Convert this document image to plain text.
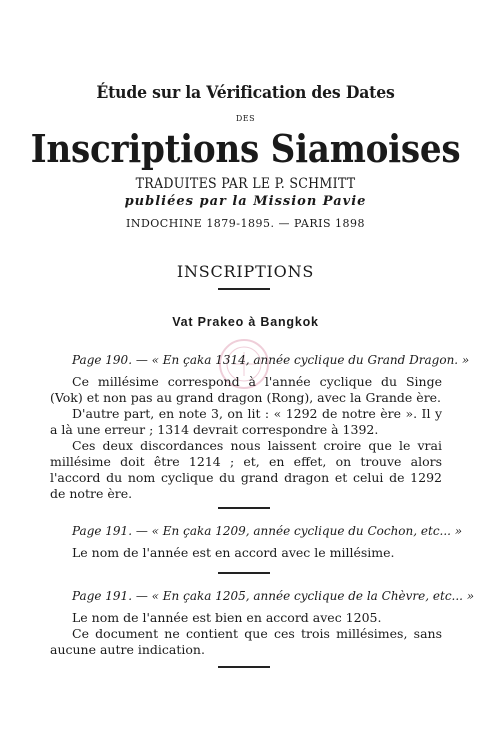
Étude sur la Vérification des Dates
DES
Inscriptions Siamoises
TRADUITES PAR LE P. SCHMITT
publiées par la Mission Pavie
INDOCHINE 1879-1895. — PARIS 1898
INSCRIPTIONS
Vat Prakeo à Bangkok

Page 190. — « En çaka 1314, année cyclique du Grand Dragon. »

Ce millésime correspond à l'année cyclique du Singe (Vok) et non pas au grand dragon (Rong), avec la Grande ère.

D'autre part, en note 3, on lit : « 1292 de notre ère ». Il y a là une erreur ; 1314 devrait correspondre à 1392.

Ces deux discordances nous laissent croire que le vrai millésime doit être 1214 ; et, en effet, on trouve alors l'accord du nom cyclique du grand dragon et celui de 1292 de notre ère.

Page 191. — « En çaka 1209, année cyclique du Cochon, etc... »

Le nom de l'année est en accord avec le millésime.

Page 191. — « En çaka 1205, année cyclique de la Chèvre, etc... »

Le nom de l'année est bien en accord avec 1205.

Ce document ne contient que ces trois millésimes, sans aucune autre indication.
